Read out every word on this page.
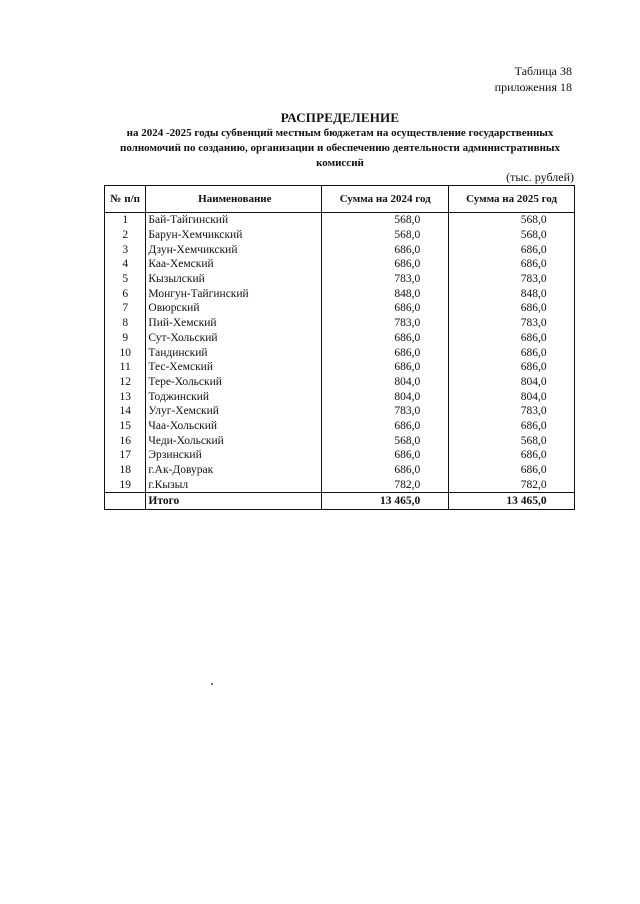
Таблица 38
приложения 18
РАСПРЕДЕЛЕНИЕ
на 2024 -2025 годы субвенций местным бюджетам на осуществление государственных
полномочий по созданию, организации и обеспечению деятельности административных
комиссий
(тыс. рублей)
№ п/п	Наименование	Сумма на 2024 год	Сумма на 2025 год
1	Бай-Тайгинский	568,0	568,0
2	Барун-Хемчикский	568,0	568,0
3	Дзун-Хемчикский	686,0	686,0
4	Каа-Хемский	686,0	686,0
5	Кызылский	783,0	783,0
6	Монгун-Тайгинский	848,0	848,0
7	Овюрский	686,0	686,0
8	Пий-Хемский	783,0	783,0
9	Сут-Хольский	686,0	686,0
10	Тандинский	686,0	686,0
11	Тес-Хемский	686,0	686,0
12	Тере-Хольский	804,0	804,0
13	Тоджинский	804,0	804,0
14	Улуг-Хемский	783,0	783,0
15	Чаа-Хольский	686,0	686,0
16	Чеди-Хольский	568,0	568,0
17	Эрзинский	686,0	686,0
18	г.Ак-Довурак	686,0	686,0
19	г.Кызыл	782,0	782,0
	Итого	13 465,0	13 465,0
